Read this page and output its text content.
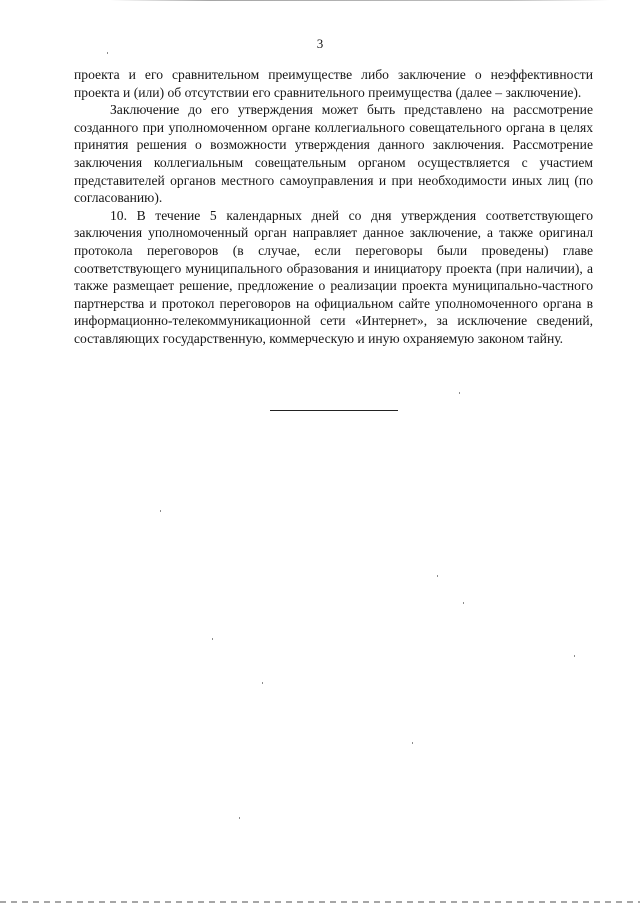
3

проекта и его сравнительном преимуществе либо заключение о неэффективности проекта и (или) об отсутствии его сравнительного преимущества (далее – заключение).

Заключение до его утверждения может быть представлено на рассмотрение созданного при уполномоченном органе коллегиального совещательного органа в целях принятия решения о возможности утверждения данного заключения. Рассмотрение заключения коллегиальным совещательным органом осуществляется с участием представителей органов местного самоуправления и при необходимости иных лиц (по согласованию).

10. В течение 5 календарных дней со дня утверждения соответствующего заключения уполномоченный орган направляет данное заключение, а также оригинал протокола переговоров (в случае, если переговоры были проведены) главе соответствующего муниципального образования и инициатору проекта (при наличии), а также размещает решение, предложение о реализации проекта муниципально-частного партнерства и протокол переговоров на официальном сайте уполномоченного органа в информационно-телекоммуникационной сети «Интернет», за исключение сведений, составляющих государственную, коммерческую и иную охраняемую законом тайну.
